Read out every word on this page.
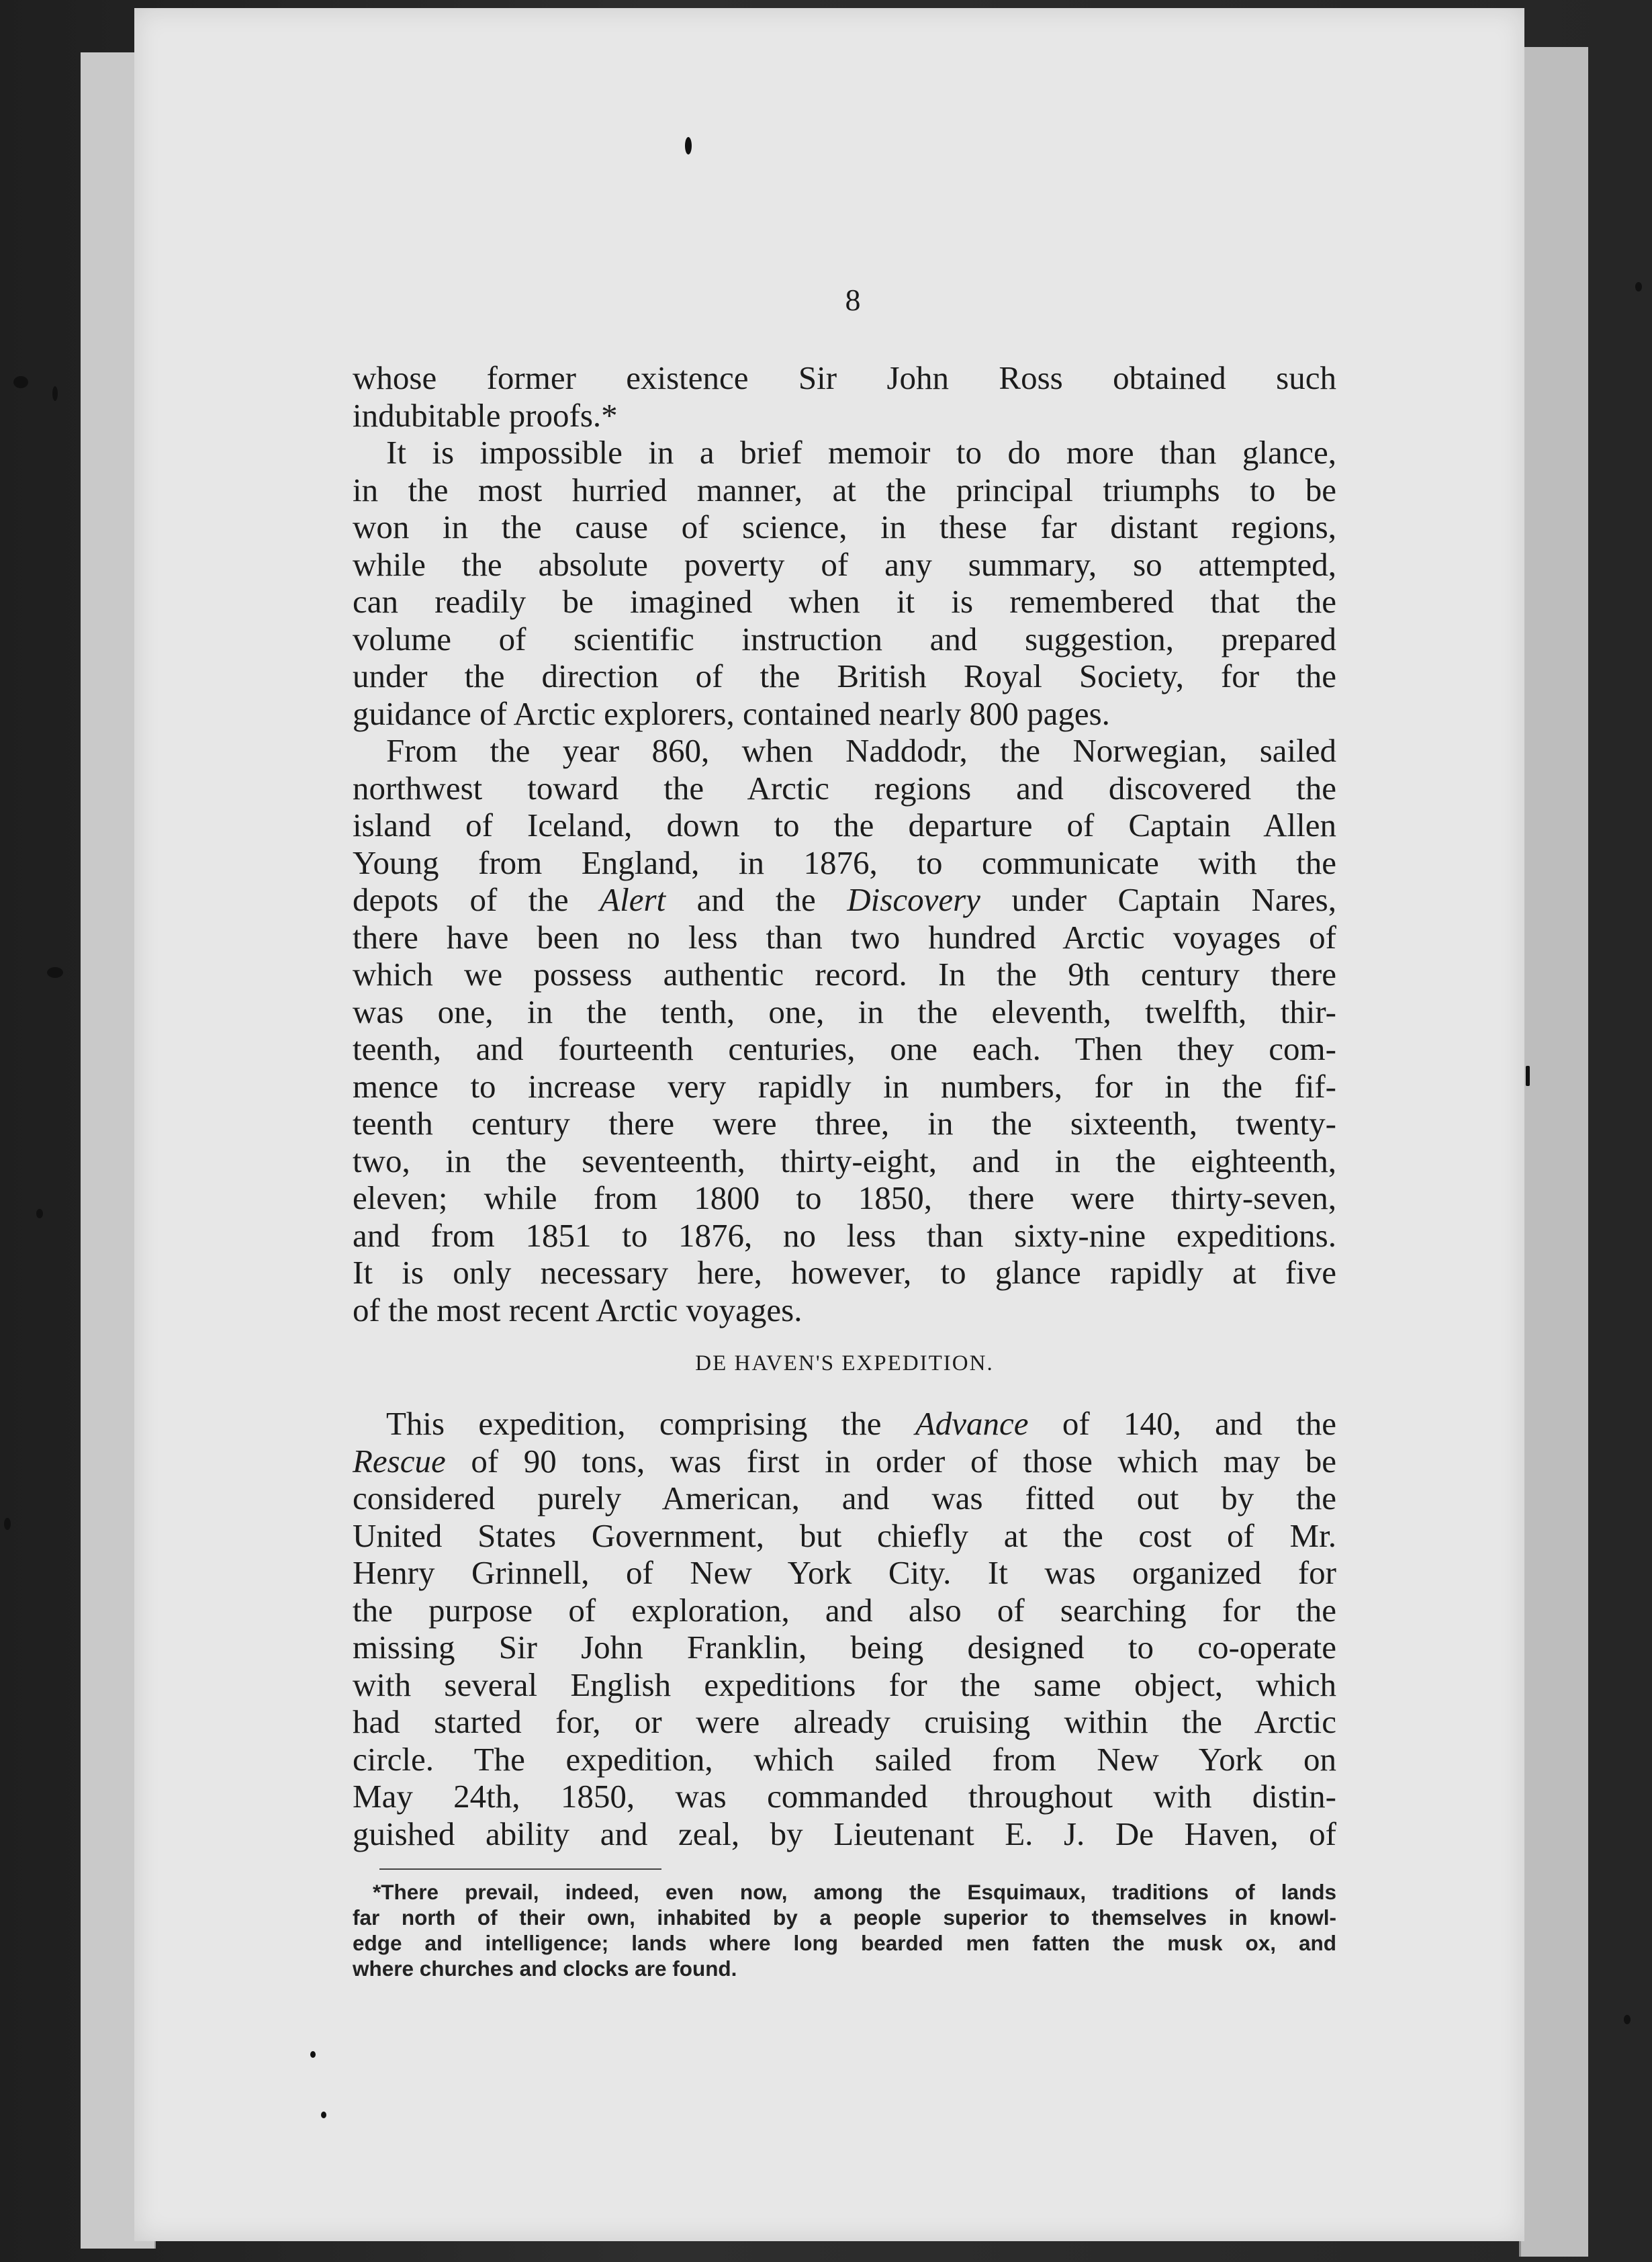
8
whose former existence Sir John Ross obtained such
indubitable proofs.*
It is impossible in a brief memoir to do more than glance,
in the most hurried manner, at the principal triumphs to be
won in the cause of science, in these far distant regions,
while the absolute poverty of any summary, so attempted,
can readily be imagined when it is remembered that the
volume of scientific instruction and suggestion, prepared
under the direction of the British Royal Society, for the
guidance of Arctic explorers, contained nearly 800 pages.
From the year 860, when Naddodr, the Norwegian, sailed
northwest toward the Arctic regions and discovered the
island of Iceland, down to the departure of Captain Allen
Young from England, in 1876, to communicate with the
depots of the Alert and the Discovery under Captain Nares,
there have been no less than two hundred Arctic voyages of
which we possess authentic record. In the 9th century there
was one, in the tenth, one, in the eleventh, twelfth, thir-
teenth, and fourteenth centuries, one each. Then they com-
mence to increase very rapidly in numbers, for in the fif-
teenth century there were three, in the sixteenth, twenty-
two, in the seventeenth, thirty-eight, and in the eighteenth,
eleven; while from 1800 to 1850, there were thirty-seven,
and from 1851 to 1876, no less than sixty-nine expeditions.
It is only necessary here, however, to glance rapidly at five
of the most recent Arctic voyages.
DE HAVEN'S EXPEDITION.
This expedition, comprising the Advance of 140, and the
Rescue of 90 tons, was first in order of those which may be
considered purely American, and was fitted out by the
United States Government, but chiefly at the cost of Mr.
Henry Grinnell, of New York City. It was organized for
the purpose of exploration, and also of searching for the
missing Sir John Franklin, being designed to co-operate
with several English expeditions for the same object, which
had started for, or were already cruising within the Arctic
circle. The expedition, which sailed from New York on
May 24th, 1850, was commanded throughout with distin-
guished ability and zeal, by Lieutenant E. J. De Haven, of
*There prevail, indeed, even now, among the Esquimaux, traditions of lands
far north of their own, inhabited by a people superior to themselves in knowl-
edge and intelligence; lands where long bearded men fatten the musk ox, and
where churches and clocks are found.
